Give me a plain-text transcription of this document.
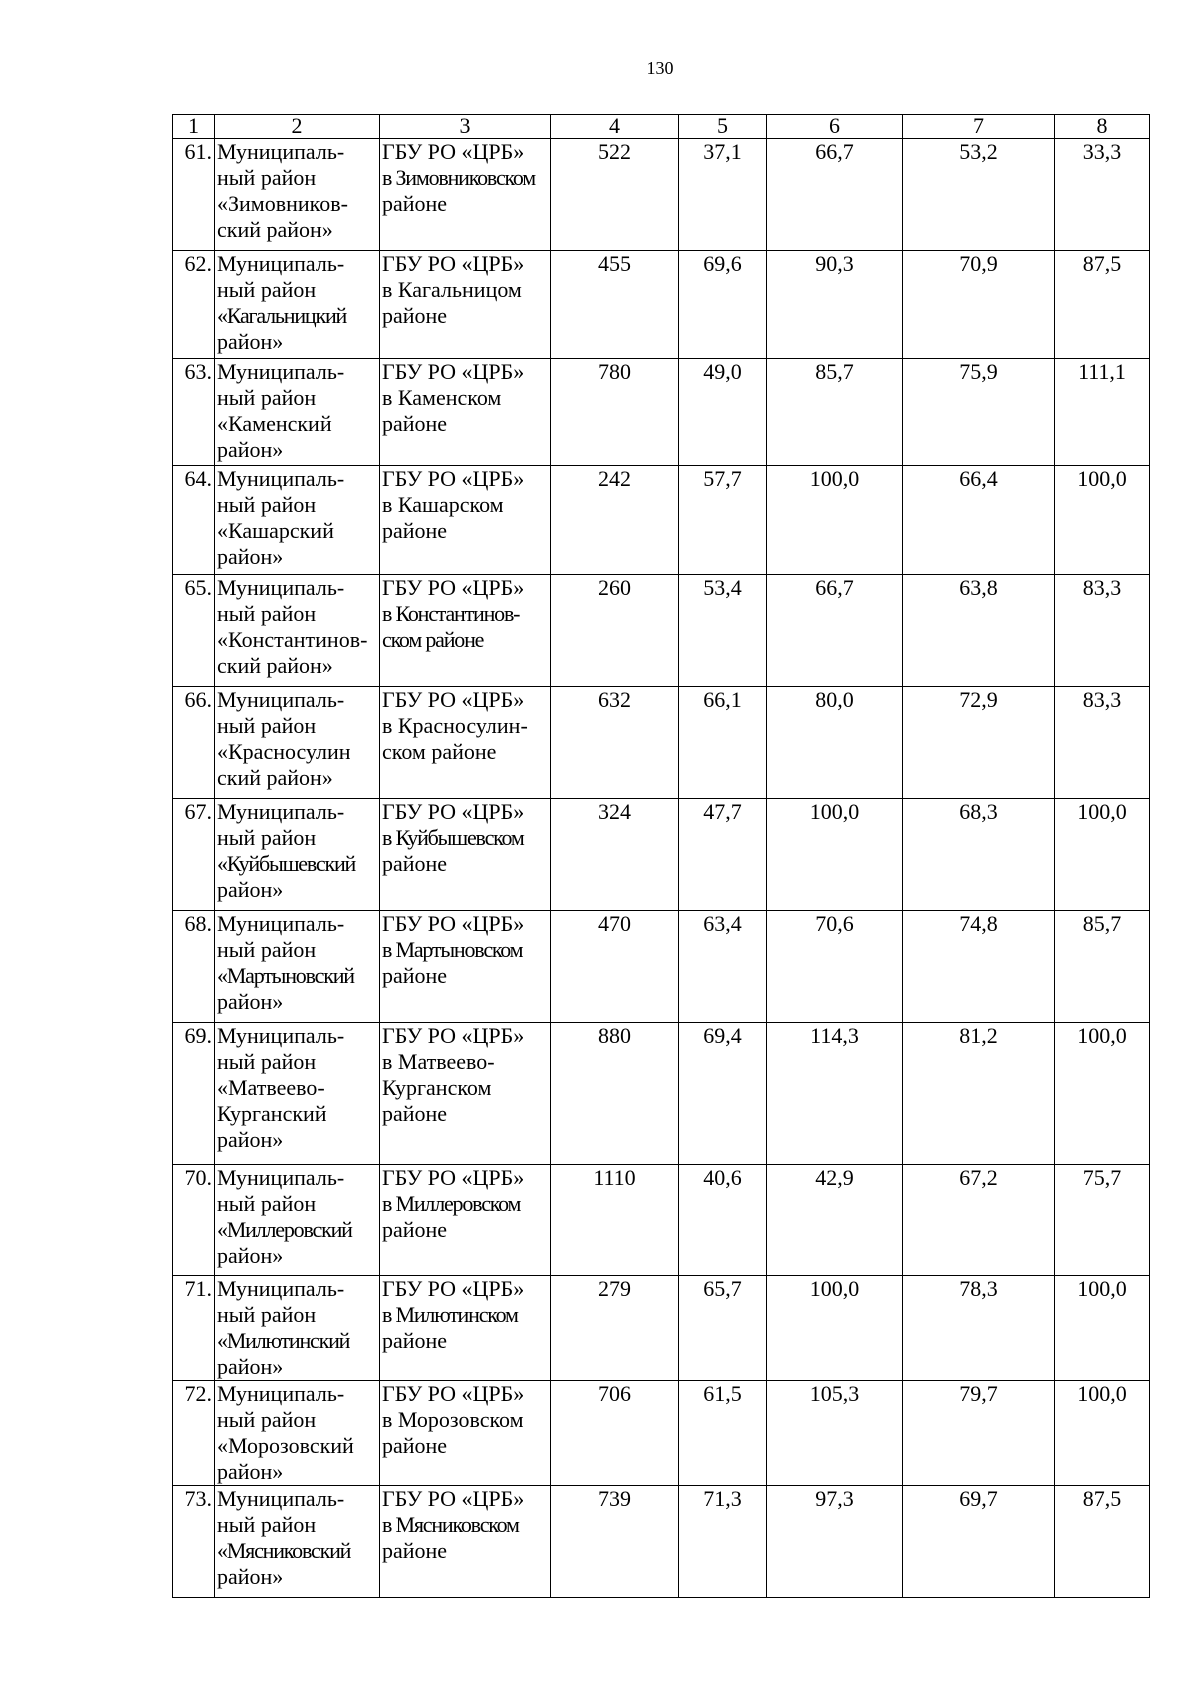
130
1	2	3	4	5	6	7	8
61.	Муниципаль-
ный район
«Зимовников-
ский район»	ГБУ РО «ЦРБ»
в Зимовниковском
районе	522	37,1	66,7	53,2	33,3
62.	Муниципаль-
ный район
«Кагальницкий
район»	ГБУ РО «ЦРБ»
в Кагальницом
районе	455	69,6	90,3	70,9	87,5
63.	Муниципаль-
ный район
«Каменский
район»	ГБУ РО «ЦРБ»
в Каменском
районе	780	49,0	85,7	75,9	111,1
64.	Муниципаль-
ный район
«Кашарский
район»	ГБУ РО «ЦРБ»
в Кашарском
районе	242	57,7	100,0	66,4	100,0
65.	Муниципаль-
ный район
«Константинов-
ский район»	ГБУ РО «ЦРБ»
в Константинов-
ском районе	260	53,4	66,7	63,8	83,3
66.	Муниципаль-
ный район
«Красносулин
ский район»	ГБУ РО «ЦРБ»
в Красносулин-
ском районе	632	66,1	80,0	72,9	83,3
67.	Муниципаль-
ный район
«Куйбышевский
район»	ГБУ РО «ЦРБ»
в Куйбышевском
районе	324	47,7	100,0	68,3	100,0
68.	Муниципаль-
ный район
«Мартыновский
район»	ГБУ РО «ЦРБ»
в Мартыновском
районе	470	63,4	70,6	74,8	85,7
69.	Муниципаль-
ный район
«Матвеево-
Курганский
район»	ГБУ РО «ЦРБ»
в Матвеево-
Курганском
районе	880	69,4	114,3	81,2	100,0
70.	Муниципаль-
ный район
«Миллеровский
район»	ГБУ РО «ЦРБ»
в Миллеровском
районе	1110	40,6	42,9	67,2	75,7
71.	Муниципаль-
ный район
«Милютинский
район»	ГБУ РО «ЦРБ»
в Милютинском
районе	279	65,7	100,0	78,3	100,0
72.	Муниципаль-
ный район
«Морозовский
район»	ГБУ РО «ЦРБ»
в Морозовском
районе	706	61,5	105,3	79,7	100,0
73.	Муниципаль-
ный район
«Мясниковский
район»	ГБУ РО «ЦРБ»
в Мясниковском
районе	739	71,3	97,3	69,7	87,5
